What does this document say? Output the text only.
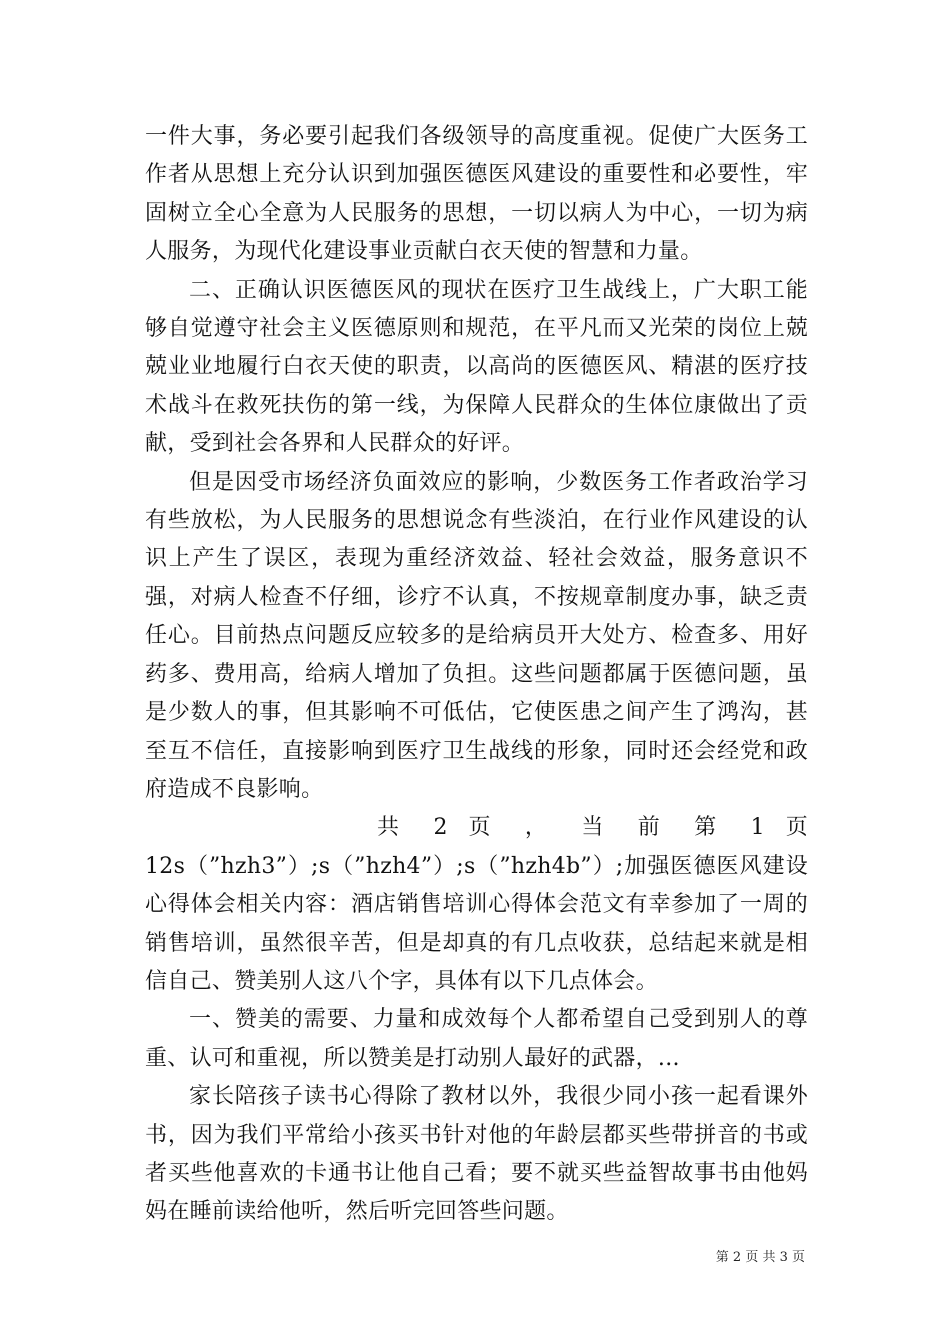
一件大事，务必要引起我们各级领导的高度重视。促使广大医务工作者从思想上充分认识到加强医德医风建设的重要性和必要性，牢固树立全心全意为人民服务的思想，一切以病人为中心，一切为病人服务，为现代化建设事业贡献白衣天使的智慧和力量。

二、正确认识医德医风的现状在医疗卫生战线上，广大职工能够自觉遵守社会主义医德原则和规范，在平凡而又光荣的岗位上兢兢业业地履行白衣天使的职责，以高尚的医德医风、精湛的医疗技术战斗在救死扶伤的第一线，为保障人民群众的生体位康做出了贡献，受到社会各界和人民群众的好评。

但是因受市场经济负面效应的影响，少数医务工作者政治学习有些放松，为人民服务的思想说念有些淡泊，在行业作风建设的认识上产生了误区，表现为重经济效益、轻社会效益，服务意识不强，对病人检查不仔细，诊疗不认真，不按规章制度办事，缺乏责任心。目前热点问题反应较多的是给病员开大处方、检查多、用好药多、费用高，给病人增加了负担。这些问题都属于医德问题，虽是少数人的事，但其影响不可低估，它使医患之间产生了鸿沟，甚至互不信任，直接影响到医疗卫生战线的形象，同时还会经党和政府造成不良影响。

共 2 页 ， 当 前 第 1 页

12s（”hzh3”）;s（”hzh4”）;s（”hzh4b”）;加强医德医风建设心得体会相关内容：酒店销售培训心得体会范文有幸参加了一周的销售培训，虽然很辛苦，但是却真的有几点收获，总结起来就是相信自己、赞美别人这八个字，具体有以下几点体会。

一、赞美的需要、力量和成效每个人都希望自己受到别人的尊重、认可和重视，所以赞美是打动别人最好的武器，...

家长陪孩子读书心得除了教材以外，我很少同小孩一起看课外书，因为我们平常给小孩买书针对他的年龄层都买些带拼音的书或者买些他喜欢的卡通书让他自己看；要不就买些益智故事书由他妈妈在睡前读给他听，然后听完回答些问题。

第 2 页 共 3 页
